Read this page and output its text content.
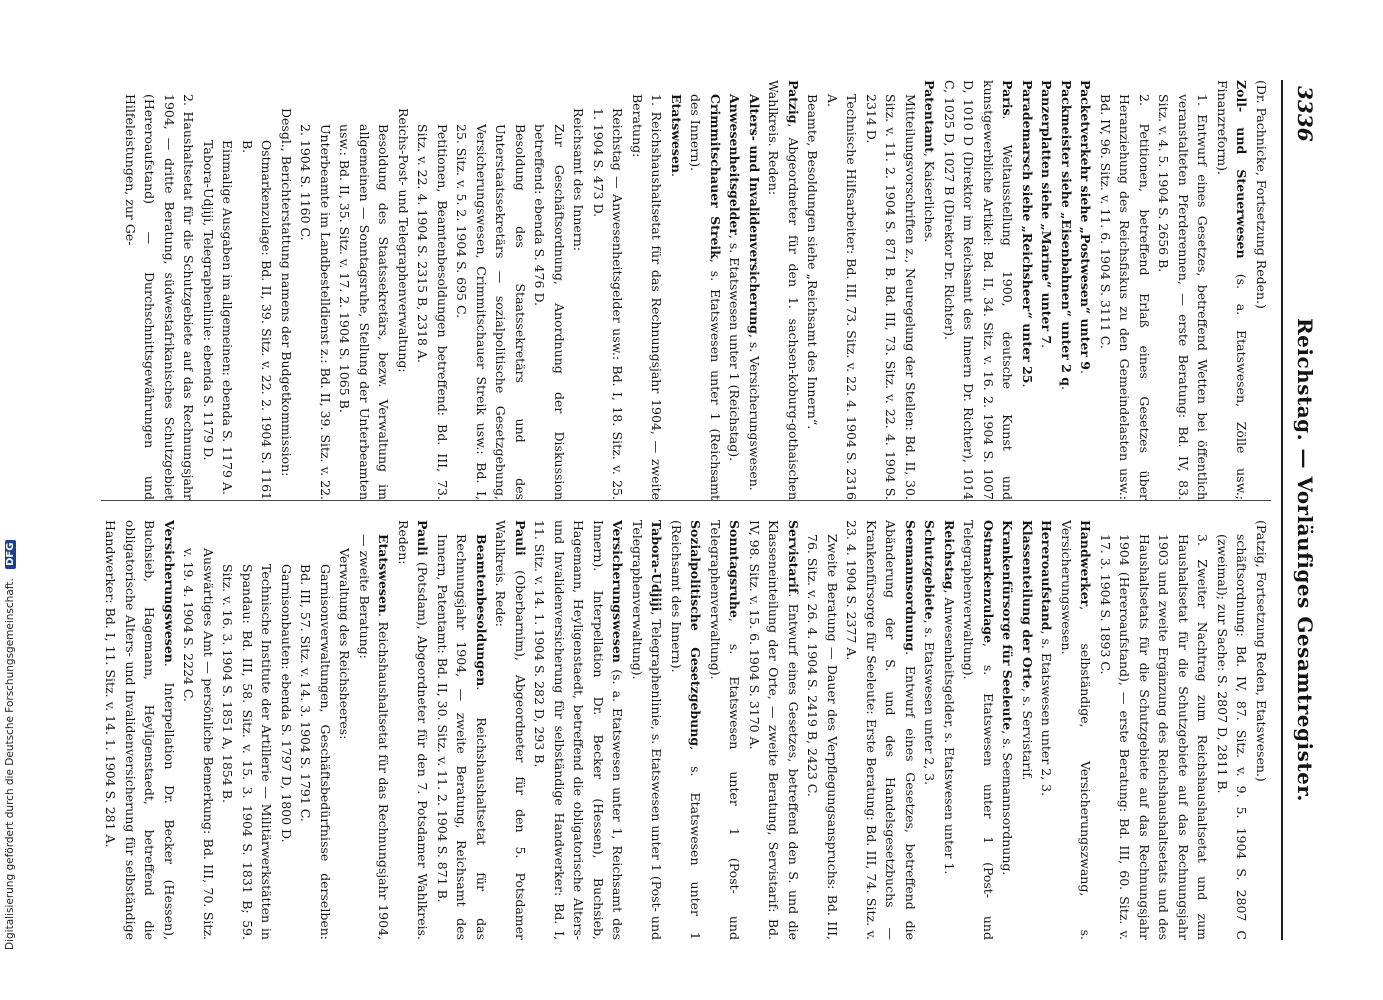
3336
Reichstag. — Vorläufiges Gesamtregister.

(Dr. Pachnicke, Fortsetzung Reden.)

Zoll- und Steuerwesen (s. a. Etatswesen, Zölle usw.; Finanzreform).

1. Entwurf eines Gesetzes, betreffend Wetten bei öffentlich veranstalteten Pferderennen, — erste Beratung: Bd. IV, 83. Sitz. v. 4. 5. 1904 S. 2656 B.

2. Petitionen, betreffend Erlaß eines Gesetzes über Heranziehung des Reichsfiskus zu den Gemeindelasten usw.: Bd. IV, 96. Sitz. v. 11. 6. 1904 S. 3111 C.

Packetverkehr siehe „Postwesen“ unter 9.

Packmeister siehe „Eisenbahnen“ unter 2 q.

Panzerplatten siehe „Marine“ unter 7.

Parademarsch siehe „Reichsheer“ unter 25.

Paris. Weltausstellung 1900, deutsche Kunst und kunstgewerbliche Artikel: Bd. II, 34. Sitz. v. 16. 2. 1904 S. 1007 D, 1010 D (Direktor im Reichsamt des Innern Dr. Richter), 1014 C, 1025 D, 1027 B (Direktor Dr. Richter).

Patentamt, Kaiserliches.

Mitteilungsvorschriften z., Neuregelung der Stellen: Bd. II, 30. Sitz. v. 11. 2. 1904 S. 871 B. Bd. III, 73. Sitz. v. 22. 4. 1904 S. 2314 D.

Technische Hilfsarbeiter: Bd. III, 73. Sitz. v. 22. 4. 1904 S. 2316 A.

Beamte, Besoldungen siehe „Reichsamt des Innern“.

Patzig, Abgeordneter für den 1. sachsen-koburg-gothaischen Wahlkreis. Reden:

Alters- und Invalidenversicherung, s. Versicherungswesen.

Anwesenheitsgelder, s. Etatswesen unter 1 (Reichstag).

Crimmitschauer Streik, s. Etatswesen unter 1 (Reichsamt des Innern).

Etatswesen.

1. Reichshaushaltsetat für das Rechnungsjahr 1904, — zweite Beratung:

Reichstag — Anwesenheitsgelder usw.: Bd. I, 18. Sitz. v. 25. 1. 1904 S. 473 D.

Reichsamt des Innern:

Zur Geschäftsordnung, Anordnung der Diskussion betreffend: ebenda S. 476 D.

Besoldung des Staatssekretärs und des Unterstaatssekretärs — sozialpolitische Gesetzgebung, Versicherungswesen, Crimmitschauer Streik usw.: Bd. I, 25. Sitz. v. 5. 2. 1904 S. 695 C.

Petitionen, Beamtenbesoldungen betreffend: Bd. III, 73. Sitz. v. 22. 4. 1904 S. 2315 B, 2318 A.

Reichs-Post- und Telegraphenverwaltung:

Besoldung des Staatssekretärs, bezw. Verwaltung im allgemeinen — Sonntagsruhe, Stellung der Unterbeamten usw.: Bd. II, 35. Sitz. v. 17. 2. 1904 S. 1065 B.

Unterbeamte im Landbestelldienst z.: Bd. II, 39. Sitz. v. 22. 2. 1904 S. 1160 C.

Desgl., Berichterstattung namens der Budgetkommission:

Ostmarkenzulage: Bd. II, 39. Sitz. v. 22. 2. 1904 S. 1161 B.

Einmalige Ausgaben im allgemeinen: ebenda S. 1179 A.

Tabora-Udjiji, Telegraphenlinie: ebenda S. 1179 D.

2. Haushaltsetat für die Schutzgebiete auf das Rechnungsjahr 1904, — dritte Beratung, südwestafrikanisches Schutzgebiet (Hereroaufstand) — Durchschnittsgewährungen und Hilfeleistungen, zur Ge-

(Patzig, Fortsetzung Reden, Etatswesen.)

schäftsordnung: Bd. IV, 87. Sitz. v. 9. 5. 1904 S. 2807 C (zweimal); zur Sache: S. 2807 D, 2811 B.

3. Zweiter Nachtrag zum Reichshaushaltsetat und zum Haushaltsetat für die Schutzgebiete auf das Rechnungsjahr 1903 und zweite Ergänzung des Reichshaushaltsetats und des Haushaltsetats für die Schutzgebiete auf das Rechnungsjahr 1904 (Hereroaufstand), — erste Beratung: Bd. III, 60. Sitz. v. 17. 3. 1904 S. 1893 C.

Handwerker, selbständige, Versicherungszwang, s. Versicherungswesen.

Hereroaufstand, s. Etatswesen unter 2, 3.

Klassenteilung der Orte, s. Servistarif.

Krankenfürsorge für Seeleute, s. Seemannsordnung.

Ostmarkenzulage, s. Etatswesen unter 1 (Post- und Telegraphenverwaltung).

Reichstag, Anwesenheitsgelder, s. Etatswesen unter 1.

Schutzgebiete, s. Etatswesen unter 2, 3.

Seemannsordnung. Entwurf eines Gesetzes, betreffend die Abänderung der S. und des Handelsgesetzbuchs — Krankenfürsorge für Seeleute: Erste Beratung: Bd. III, 74. Sitz. v. 23. 4. 1904 S. 2377 A.

Zweite Beratung — Dauer des Verpflegungsanspruchs: Bd. III, 76. Sitz. v. 26. 4. 1904 S. 2419 B, 2423 C.

Servistarif. Entwurf eines Gesetzes, betreffend den S. und die Klasseneinteilung der Orte, — zweite Beratung, Servistarif: Bd. IV, 98. Sitz. v. 15. 6. 1904 S. 3170 A.

Sonntagsruhe, s. Etatswesen unter 1 (Post- und Telegraphenverwaltung).

Sozialpolitische Gesetzgebung, s. Etatswesen unter 1 (Reichsamt des Innern).

Tabora-Udjiji, Telegraphenlinie, s. Etatswesen unter 1 (Post- und Telegraphenverwaltung).

Versicherungswesen (s. a. Etatswesen unter 1, Reichsamt des Innern). Interpellation Dr. Becker (Hessen), Buchsieb, Hagemann, Heyligenstaedt, betreffend die obligatorische Alters- und Invalidenversicherung für selbständige Handwerker: Bd. I, 11. Sitz. v. 14. 1. 1904 S. 282 D, 293 B.

Pauli (Oberbarnim), Abgeordneter für den 5. Potsdamer Wahlkreis. Rede:

Beamtenbesoldungen. Reichshaushaltsetat für das Rechnungsjahr 1904, — zweite Beratung, Reichsamt des Innern, Patentamt: Bd. II, 30. Sitz. v. 11. 2. 1904 S. 871 B.

Pauli (Potsdam), Abgeordneter für den 7. Potsdamer Wahlkreis. Reden:

Etatswesen. Reichshaushaltsetat für das Rechnungsjahr 1904, — zweite Beratung:

Verwaltung des Reichsheeres:

Garnisonverwaltungen, Geschäftsbedürfnisse derselben: Bd. III, 57. Sitz. v. 14. 3. 1904 S. 1791 C.

Garnisonbauten: ebenda S. 1797 D, 1800 D.

Technische Institute der Artillerie — Militärwerkstätten in Spandau: Bd. III, 58. Sitz. v. 15. 3. 1904 S. 1831 B; 59. Sitz. v. 16. 3. 1904 S. 1851 A, 1854 B.

Auswärtiges Amt — persönliche Bemerkung: Bd. III, 70. Sitz. v. 19. 4. 1904 S. 2224 C.

Versicherungswesen. Interpellation Dr. Becker (Hessen), Buchsieb, Hagemann, Heyligenstaedt, betreffend die obligatorische Alters- und Invalidenversicherung für selbständige Handwerker: Bd. I, 11. Sitz. v. 14. 1. 1904 S. 281 A.

Digitalisierung gefördert durch die Deutsche Forschungsgemeinschaft. DFG
